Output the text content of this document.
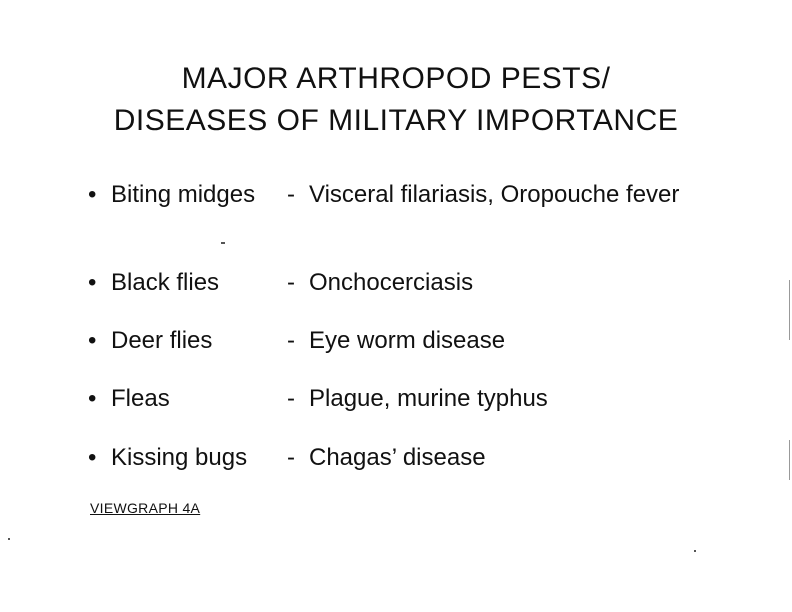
MAJOR ARTHROPOD PESTS/
DISEASES OF MILITARY IMPORTANCE
• Biting midges - Visceral filariasis, Oropouche fever
• Black flies	- Onchocerciasis
• Deer flies	- Eye worm disease
• Fleas	- Plague, murine typhus
• Kissing bugs - Chagas’ disease
VIEWGRAPH 4A
